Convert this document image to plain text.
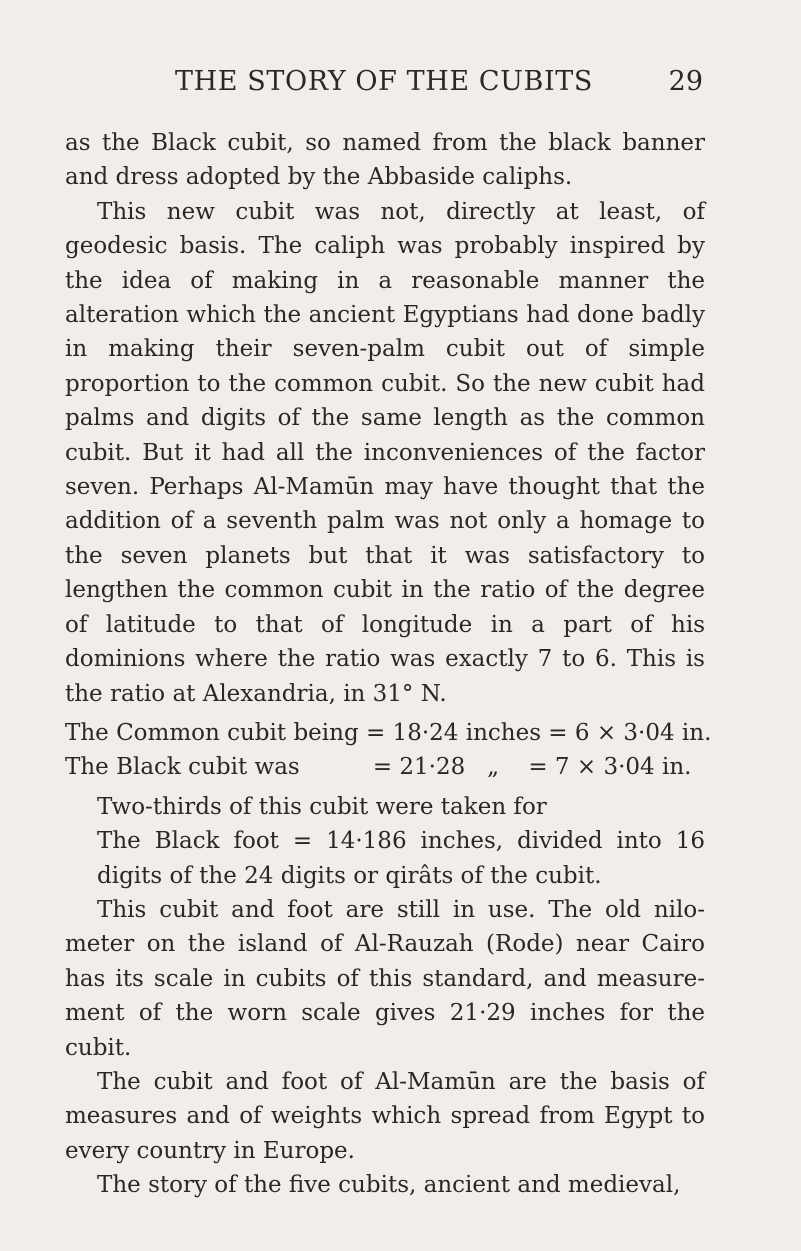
THE STORY OF THE CUBITS	29

as the Black cubit, so named from the black banner and dress adopted by the Abbaside caliphs.

This new cubit was not, directly at least, of geodesic basis. The caliph was probably inspired by the idea of making in a reasonable manner the alteration which the ancient Egyptians had done badly in making their seven-palm cubit out of simple proportion to the common cubit. So the new cubit had palms and digits of the same length as the common cubit. But it had all the inconveniences of the factor seven. Perhaps Al-Mamūn may have thought that the addition of a seventh palm was not only a homage to the seven planets but that it was satisfactory to lengthen the common cubit in the ratio of the degree of latitude to that of longitude in a part of his dominions where the ratio was exactly 7 to 6. This is the ratio at Alexandria, in 31° N.

The Common cubit being = 18·24 inches = 6 × 3·04 in.

The Black cubit was          = 21·28   „    = 7 × 3·04 in.

Two-thirds of this cubit were taken for

The Black foot = 14·186 inches, divided into 16 digits of the 24 digits or qirâts of the cubit.

This cubit and foot are still in use. The old nilometer on the island of Al-Rauzah (Rode) near Cairo has its scale in cubits of this standard, and measurement of the worn scale gives 21·29 inches for the cubit.

The cubit and foot of Al-Mamūn are the basis of measures and of weights which spread from Egypt to every country in Europe.

The story of the five cubits, ancient and medieval,
